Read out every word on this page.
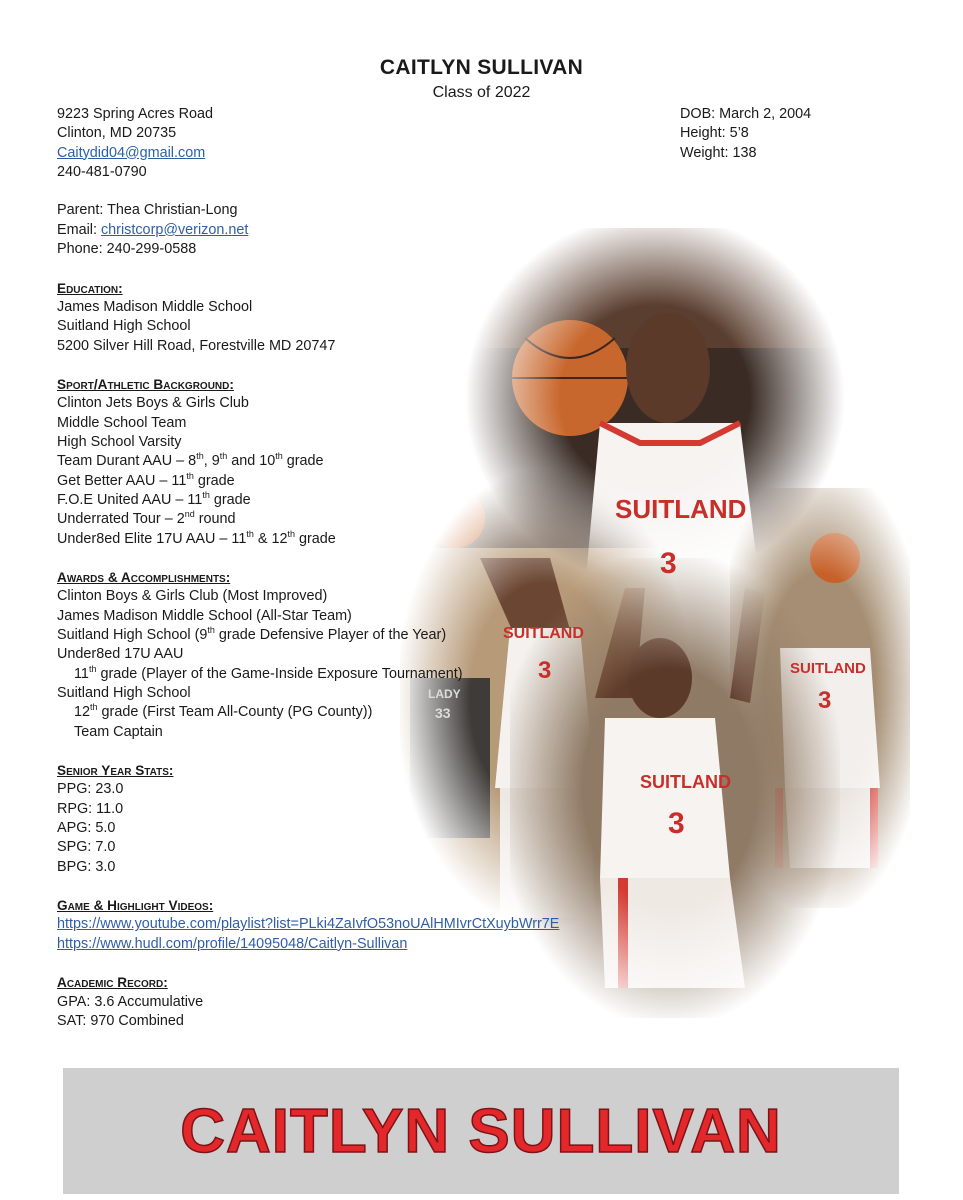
CAITLYN SULLIVAN
Class of 2022
SUITLAND
3
SUITLAND
3
SUITLAND
3
SUITLAND
3
LADY
33
DOB: March 2, 2004
Height: 5’8
Weight: 138
9223 Spring Acres Road
Clinton, MD 20735
Caitydid04@gmail.com
240-481-0790
Parent: Thea Christian-Long
Email: christcorp@verizon.net
Phone: 240-299-0588
Education:
James Madison Middle School
Suitland High School
5200 Silver Hill Road, Forestville MD 20747
Sport/Athletic Background:
Clinton Jets Boys & Girls Club
Middle School Team
High School Varsity
Team Durant AAU – 8th, 9th and 10th grade
Get Better AAU – 11th grade
F.O.E United AAU – 11th grade
Underrated Tour – 2nd round
Under8ed Elite 17U AAU – 11th & 12th grade
Awards & Accomplishments:
Clinton Boys & Girls Club (Most Improved)
James Madison Middle School (All-Star Team)
Suitland High School (9th grade Defensive Player of the Year)
Under8ed 17U AAU
11th grade (Player of the Game-Inside Exposure Tournament)
Suitland High School
12th grade (First Team All-County (PG County))
Team Captain
Senior Year Stats:
PPG: 23.0
RPG: 11.0
APG: 5.0
SPG: 7.0
BPG: 3.0
Game & Highlight Videos:
https://www.youtube.com/playlist?list=PLki4ZaIvfO53noUAlHMIvrCtXuybWrr7E
https://www.hudl.com/profile/14095048/Caitlyn-Sullivan
Academic Record:
GPA: 3.6 Accumulative
SAT: 970 Combined
CAITLYN SULLIVAN
